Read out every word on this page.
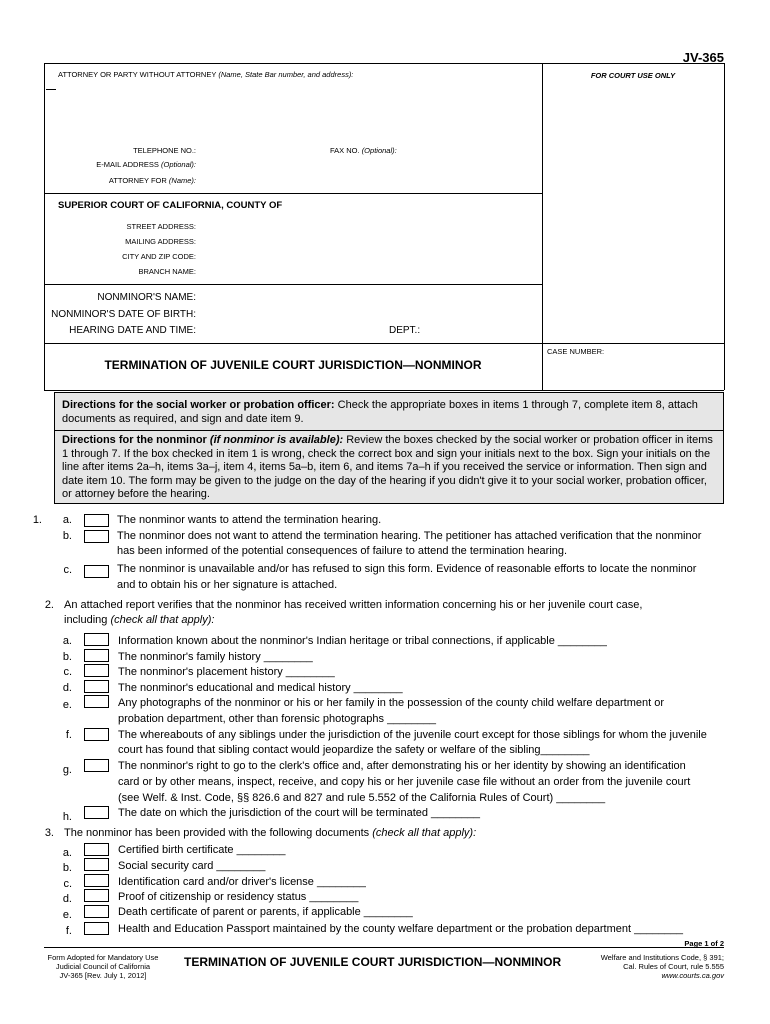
JV-365
ATTORNEY OR PARTY WITHOUT ATTORNEY (Name, State Bar number, and address):	FOR COURT USE ONLY
TELEPHONE NO.:	FAX NO. (Optional):
E-MAIL ADDRESS (Optional):
ATTORNEY FOR (Name):
SUPERIOR COURT OF CALIFORNIA, COUNTY OF
STREET ADDRESS:
MAILING ADDRESS:
CITY AND ZIP CODE:
BRANCH NAME:
NONMINOR'S NAME:
NONMINOR'S DATE OF BIRTH:
HEARING DATE AND TIME:	DEPT.:
CASE NUMBER:
TERMINATION OF JUVENILE COURT JURISDICTION—NONMINOR
Directions for the social worker or probation officer: Check the appropriate boxes in items 1 through 7, complete item 8, attach documents as required, and sign and date item 9.
Directions for the nonminor (if nonminor is available): Review the boxes checked by the social worker or probation officer in items 1 through 7. If the box checked in item 1 is wrong, check the correct box and sign your initials next to the box. Sign your initials on the line after items 2a–h, items 3a–j, item 4, items 5a–b, item 6, and items 7a–h if you received the service or information. Then sign and date item 10. The form may be given to the judge on the day of the hearing if you didn't give it to your social worker, probation officer, or attorney before the hearing.
1. a.	The nonminor wants to attend the termination hearing.
b.	The nonminor does not want to attend the termination hearing. The petitioner has attached verification that the nonminor
has been informed of the potential consequences of failure to attend the termination hearing.
c.	The nonminor is unavailable and/or has refused to sign this form. Evidence of reasonable efforts to locate the nonminor
and to obtain his or her signature is attached.
2. An attached report verifies that the nonminor has received written information concerning his or her juvenile court case,
including (check all that apply):
a.	Information known about the nonminor's Indian heritage or tribal connections, if applicable ________
b.	The nonminor's family history ________
c.	The nonminor's placement history ________
d.	The nonminor's educational and medical history ________
e.	Any photographs of the nonminor or his or her family in the possession of the county child welfare department or
probation department, other than forensic photographs ________
f.	The whereabouts of any siblings under the jurisdiction of the juvenile court except for those siblings for whom the juvenile
court has found that sibling contact would jeopardize the safety or welfare of the sibling________
g.	The nonminor's right to go to the clerk's office and, after demonstrating his or her identity by showing an identification
card or by other means, inspect, receive, and copy his or her juvenile case file without an order from the juvenile court
(see Welf. & Inst. Code, §§ 826.6 and 827 and rule 5.552 of the California Rules of Court) ________
h.	The date on which the jurisdiction of the court will be terminated ________
3. The nonminor has been provided with the following documents (check all that apply):
a.	Certified birth certificate ________
b.	Social security card ________
c.	Identification card and/or driver's license ________
d.	Proof of citizenship or residency status ________
e.	Death certificate of parent or parents, if applicable ________
f.	Health and Education Passport maintained by the county welfare department or the probation department ________
Page 1 of 2
Form Adopted for Mandatory Use
Judicial Council of California
JV-365 [Rev. July 1, 2012]
TERMINATION OF JUVENILE COURT JURISDICTION—NONMINOR	Welfare and Institutions Code, § 391;
Cal. Rules of Court, rule 5.555
www.courts.ca.gov
